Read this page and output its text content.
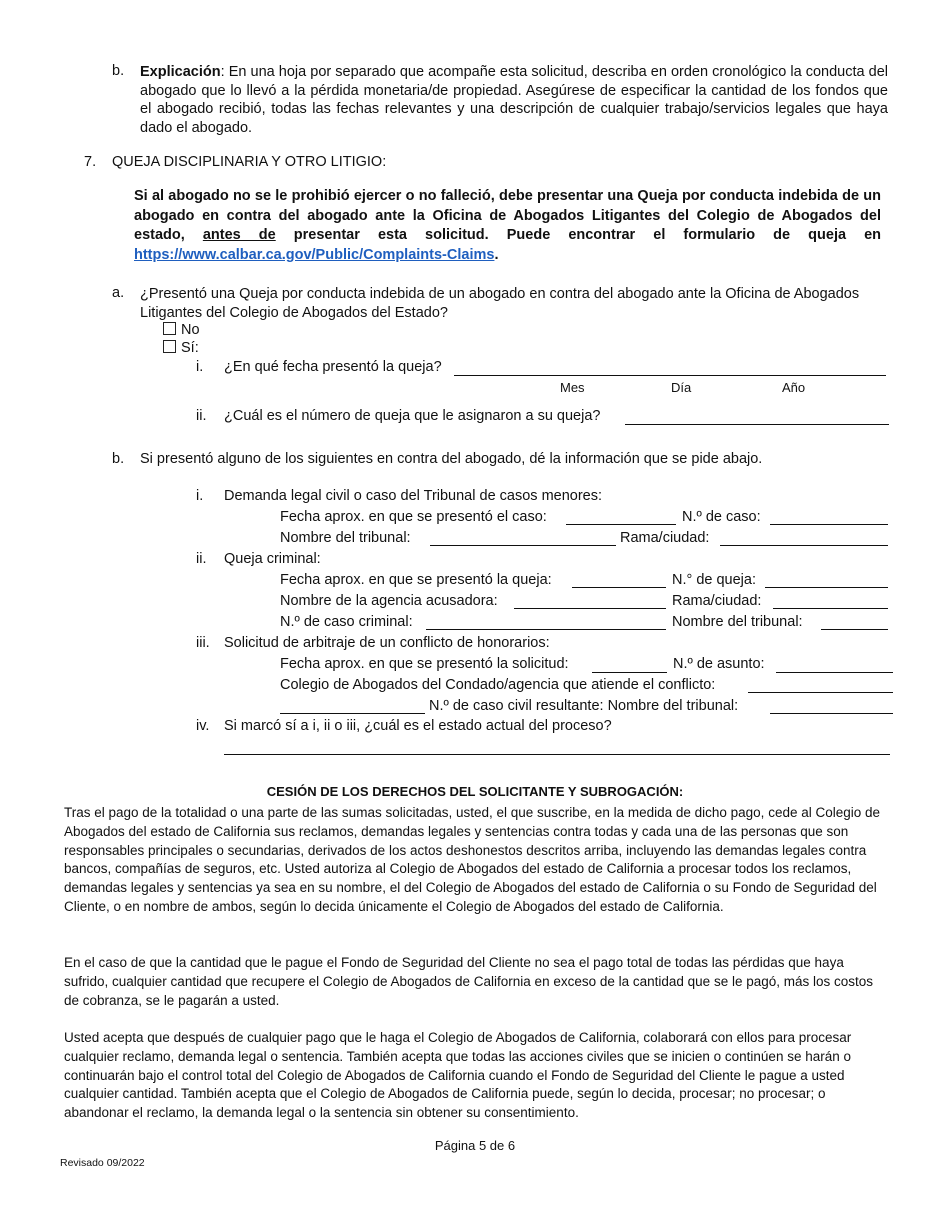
b. Explicación: En una hoja por separado que acompañe esta solicitud, describa en orden cronológico la conducta del abogado que lo llevó a la pérdida monetaria/de propiedad. Asegúrese de especificar la cantidad de los fondos que el abogado recibió, todas las fechas relevantes y una descripción de cualquier trabajo/servicios legales que haya dado el abogado.
7. QUEJA DISCIPLINARIA Y OTRO LITIGIO:
Si al abogado no se le prohibió ejercer o no falleció, debe presentar una Queja por conducta indebida de un abogado en contra del abogado ante la Oficina de Abogados Litigantes del Colegio de Abogados del estado, antes de presentar esta solicitud. Puede encontrar el formulario de queja en https://www.calbar.ca.gov/Public/Complaints-Claims.
a. ¿Presentó una Queja por conducta indebida de un abogado en contra del abogado ante la Oficina de Abogados Litigantes del Colegio de Abogados del Estado?
No
Sí:
i. ¿En qué fecha presentó la queja?
Mes	Día	Año
ii. ¿Cuál es el número de queja que le asignaron a su queja?
b. Si presentó alguno de los siguientes en contra del abogado, dé la información que se pide abajo.
i. Demanda legal civil o caso del Tribunal de casos menores:
Fecha aprox. en que se presentó el caso:	N.º de caso:
Nombre del tribunal:	Rama/ciudad:
ii. Queja criminal:
Fecha aprox. en que se presentó la queja:	N.° de queja:
Nombre de la agencia acusadora:	Rama/ciudad:
N.º de caso criminal:	Nombre del tribunal:
iii. Solicitud de arbitraje de un conflicto de honorarios:
Fecha aprox. en que se presentó la solicitud:	N.º de asunto:
Colegio de Abogados del Condado/agencia que atiende el conflicto:
N.º de caso civil resultante: Nombre del tribunal:
iv. Si marcó sí a i, ii o iii, ¿cuál es el estado actual del proceso?
CESIÓN DE LOS DERECHOS DEL SOLICITANTE Y SUBROGACIÓN:
Tras el pago de la totalidad o una parte de las sumas solicitadas, usted, el que suscribe, en la medida de dicho pago, cede al Colegio de Abogados del estado de California sus reclamos, demandas legales y sentencias contra todas y cada una de las personas que son responsables principales o secundarias, derivados de los actos deshonestos descritos arriba, incluyendo las demandas legales contra bancos, compañías de seguros, etc. Usted autoriza al Colegio de Abogados del estado de California a procesar todos los reclamos, demandas legales y sentencias ya sea en su nombre, el del Colegio de Abogados del estado de California o su Fondo de Seguridad del Cliente, o en nombre de ambos, según lo decida únicamente el Colegio de Abogados del estado de California.
En el caso de que la cantidad que le pague el Fondo de Seguridad del Cliente no sea el pago total de todas las pérdidas que haya sufrido, cualquier cantidad que recupere el Colegio de Abogados de California en exceso de la cantidad que se le pagó, más los costos de cobranza, se le pagarán a usted.
Usted acepta que después de cualquier pago que le haga el Colegio de Abogados de California, colaborará con ellos para procesar cualquier reclamo, demanda legal o sentencia. También acepta que todas las acciones civiles que se inicien o continúen se harán o continuarán bajo el control total del Colegio de Abogados de California cuando el Fondo de Seguridad del Cliente le pague a usted cualquier cantidad. También acepta que el Colegio de Abogados de California puede, según lo decida, procesar; no procesar; o abandonar el reclamo, la demanda legal o la sentencia sin obtener su consentimiento.
Página 5 de 6
Revisado 09/2022
